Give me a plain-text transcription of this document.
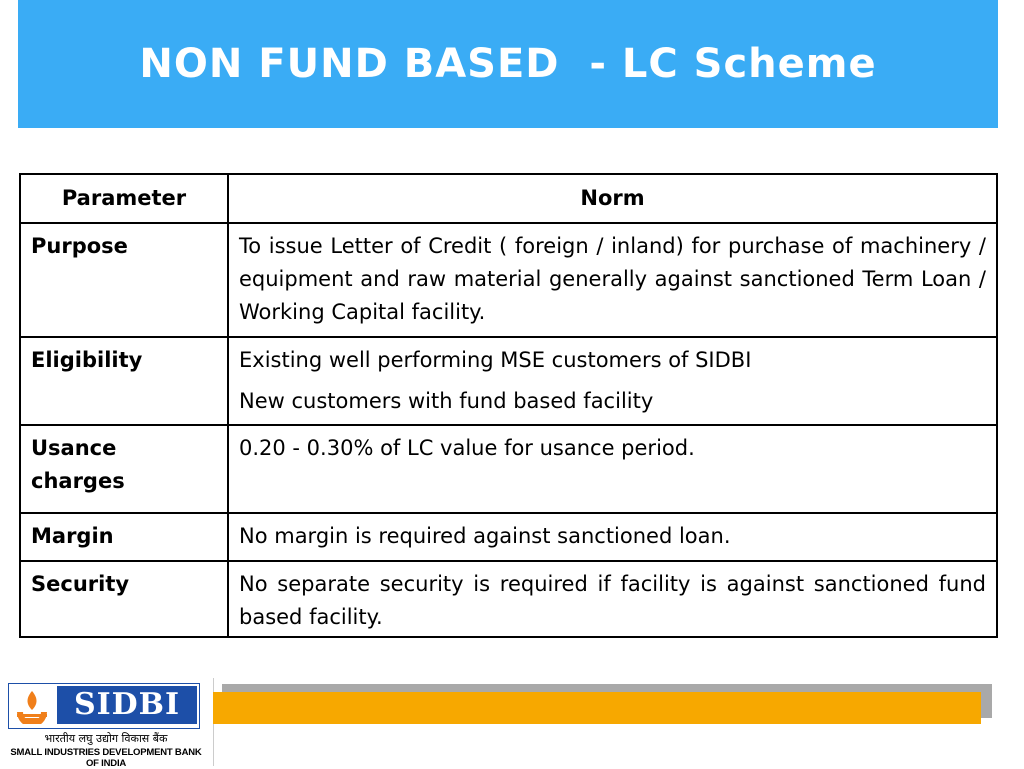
NON FUND BASED  - LC Scheme
Parameter	Norm
Purpose	To issue Letter of Credit ( foreign / inland) for purchase of machinery / equipment and raw material generally against sanctioned Term Loan / Working Capital facility.
Eligibility	Existing well performing MSE customers of SIDBI
New customers with fund based facility

Usance charges	0.20 - 0.30% of LC value for usance period.
Margin	No margin is required against sanctioned loan.
Security	No separate security is required if facility is against sanctioned fund based facility.
SIDBI
भारतीय लघु उद्योग विकास बैंक
SMALL INDUSTRIES DEVELOPMENT BANK OF INDIA
